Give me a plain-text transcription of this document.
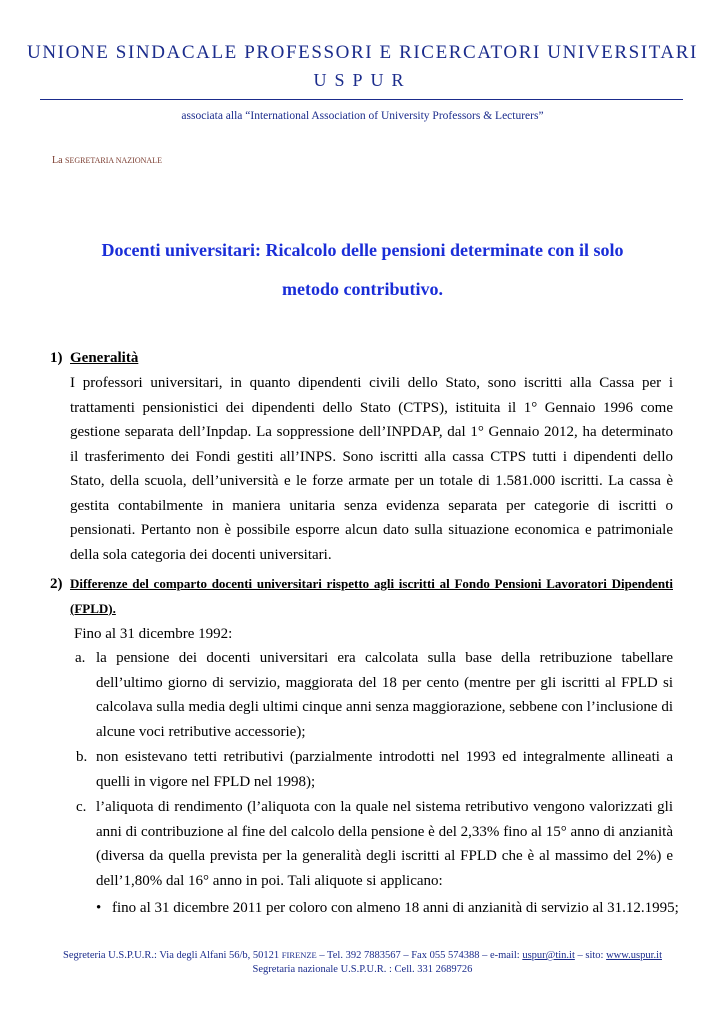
UNIONE SINDACALE PROFESSORI E RICERCATORI UNIVERSITARI
USPUR
associata alla “International Association of University Professors & Lecturers”
La SEGRETARIA NAZIONALE
Docenti universitari: Ricalcolo delle pensioni determinate con il solo
metodo contributivo.
1) Generalità
I professori universitari, in quanto dipendenti civili dello Stato, sono iscritti alla Cassa per i trattamenti pensionistici dei dipendenti dello Stato (CTPS), istituita il 1° Gennaio 1996 come gestione separata dell’Inpdap. La soppressione dell’INPDAP, dal 1° Gennaio 2012, ha determinato il trasferimento dei Fondi gestiti all’INPS. Sono iscritti alla cassa CTPS tutti i dipendenti dello Stato, della scuola, dell’università e le forze armate per un totale di 1.581.000 iscritti. La cassa è gestita contabilmente in maniera unitaria senza evidenza separata per categorie di iscritti o pensionati. Pertanto non è possibile esporre alcun dato sulla situazione economica e patrimoniale della sola categoria dei docenti universitari.
2) Differenze del comparto docenti universitari rispetto agli iscritti al Fondo Pensioni Lavoratori Dipendenti (FPLD).
Fino al 31 dicembre 1992:
a. la pensione dei docenti universitari era calcolata sulla base della retribuzione tabellare dell’ultimo giorno di servizio, maggiorata del 18 per cento (mentre per gli iscritti al FPLD si calcolava sulla media degli ultimi cinque anni senza maggiorazione, sebbene con l’inclusione di alcune voci retributive accessorie);
b. non esistevano tetti retributivi (parzialmente introdotti nel 1993 ed integralmente allineati a quelli in vigore nel FPLD nel 1998);
c. l’aliquota di rendimento (l’aliquota con la quale nel sistema retributivo vengono valorizzati gli anni di contribuzione al fine del calcolo della pensione è del 2,33% fino al 15° anno di anzianità (diversa da quella prevista per la generalità degli iscritti al FPLD che è al massimo del 2%) e dell’1,80% dal 16° anno in poi. Tali aliquote si applicano:
• fino al 31 dicembre 2011 per coloro con almeno 18 anni di anzianità di servizio al 31.12.1995;
Segreteria U.S.P.U.R.: Via degli Alfani 56/b, 50121 FIRENZE – Tel. 392 7883567 – Fax 055 574388 – e-mail: uspur@tin.it – sito: www.uspur.it
Segretaria nazionale U.S.P.U.R. : Cell. 331 2689726
